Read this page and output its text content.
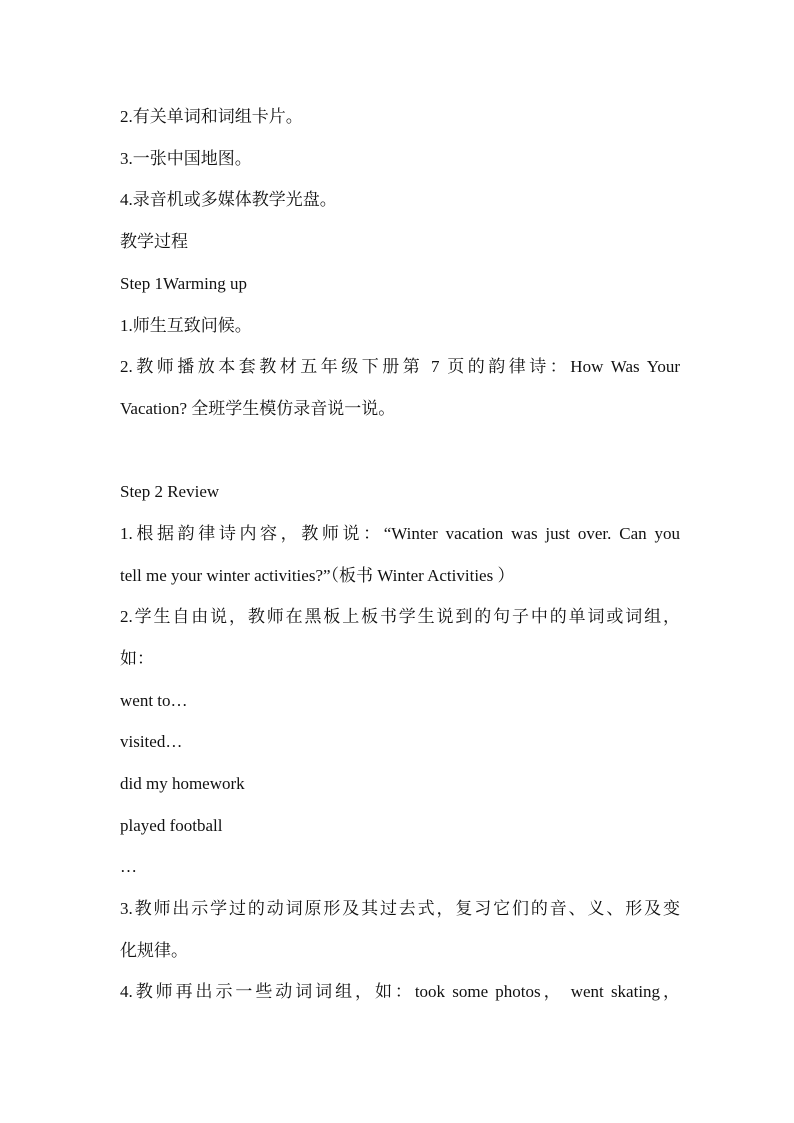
2.有关单词和词组卡片。
3.一张中国地图。
4.录音机或多媒体教学光盘。
教学过程
Step 1Warming up
1.师生互致问候。
2.教师播放本套教材五年级下册第 7 页的韵律诗：How Was Your
Vacation? 全班学生模仿录音说一说。
Step 2 Review
1.根据韵律诗内容，教师说：“Winter vacation was just over. Can you
tell me your winter activities?”（板书 Winter Activities ）
2.学生自由说，教师在黑板上板书学生说到的句子中的单词或词组，
如：
went to…
visited…
did my homework
played football
…
3.教师出示学过的动词原形及其过去式，复习它们的音、义、形及变
化规律。
4.教师再出示一些动词词组，如：took some photos， went skating，
